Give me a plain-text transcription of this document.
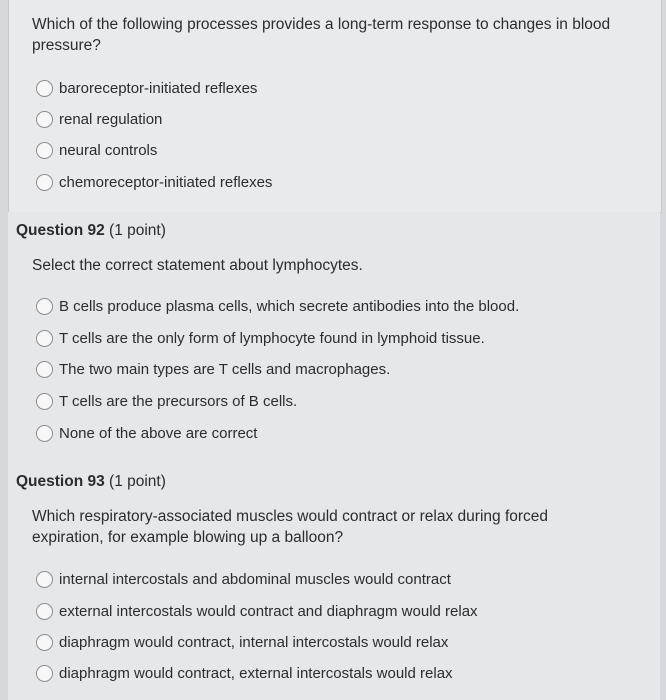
Which of the following processes provides a long-term response to changes in blood pressure?
baroreceptor-initiated reflexes
renal regulation
neural controls
chemoreceptor-initiated reflexes
Question 92 (1 point)
Select the correct statement about lymphocytes.
B cells produce plasma cells, which secrete antibodies into the blood.
T cells are the only form of lymphocyte found in lymphoid tissue.
The two main types are T cells and macrophages.
T cells are the precursors of B cells.
None of the above are correct
Question 93 (1 point)
Which respiratory-associated muscles would contract or relax during forced expiration, for example blowing up a balloon?
internal intercostals and abdominal muscles would contract
external intercostals would contract and diaphragm would relax
diaphragm would contract, internal intercostals would relax
diaphragm would contract, external intercostals would relax
